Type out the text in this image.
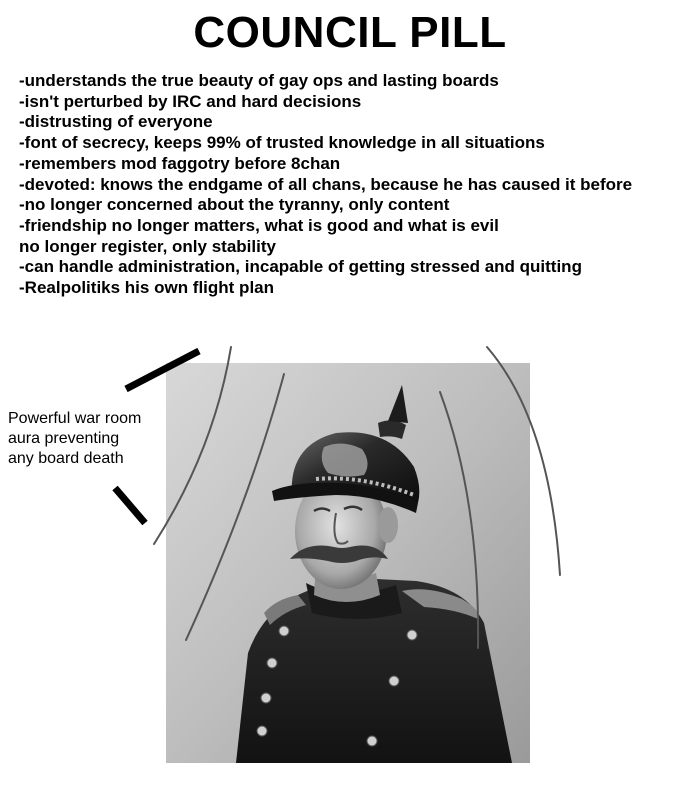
COUNCIL PILL
-understands the true beauty of gay ops and lasting boards
-isn't perturbed by IRC and hard decisions
-distrusting of everyone
-font of secrecy, keeps 99% of trusted knowledge in all situations
-remembers mod faggotry before 8chan
-devoted: knows the endgame of all chans, because he has caused it before
-no longer concerned about the tyranny, only content
-friendship no longer matters, what is good and what is evil
no longer register, only stability
-can handle administration, incapable of getting stressed and quitting
-Realpolitiks his own flight plan
Powerful war room
aura preventing
any board death
